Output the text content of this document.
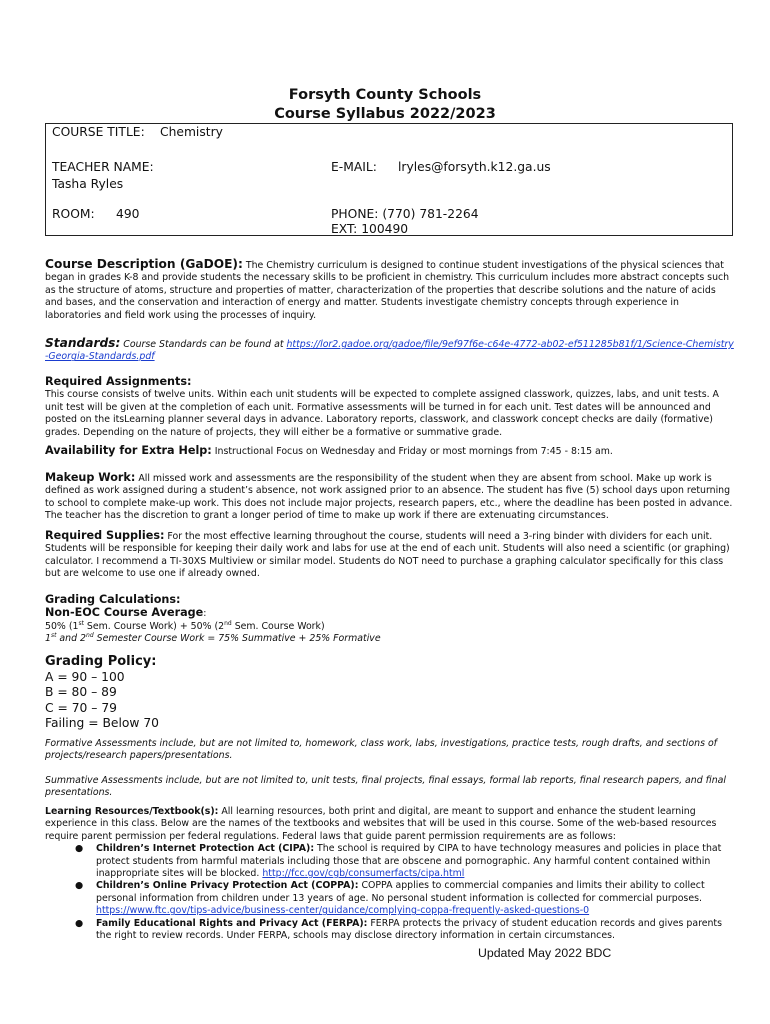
Forsyth County Schools
Course Syllabus 2022/2023
COURSE TITLE: Chemistry
TEACHER NAME:
Tasha Ryles
E-MAIL: lryles@forsyth.k12.ga.us
ROOM: 490	PHONE: (770) 781-2264
EXT: 100490
Course Description (GaDOE): The Chemistry curriculum is designed to continue student investigations of the physical sciences that began in grades K-8 and provide students the necessary skills to be proficient in chemistry. This curriculum includes more abstract concepts such as the structure of atoms, structure and properties of matter, characterization of the properties that describe solutions and the nature of acids and bases, and the conservation and interaction of energy and matter. Students investigate chemistry concepts through experience in laboratories and field work using the processes of inquiry.
Standards: Course Standards can be found at https://lor2.gadoe.org/gadoe/file/9ef97f6e-c64e-4772-ab02-ef511285b81f/1/Science-Chemistry-Georgia-Standards.pdf
Required Assignments:
This course consists of twelve units. Within each unit students will be expected to complete assigned classwork, quizzes, labs, and unit tests. A unit test will be given at the completion of each unit. Formative assessments will be turned in for each unit. Test dates will be announced and posted on the itsLearning planner several days in advance. Laboratory reports, classwork, and classwork concept checks are daily (formative) grades. Depending on the nature of projects, they will either be a formative or summative grade.
Availability for Extra Help: Instructional Focus on Wednesday and Friday or most mornings from 7:45 - 8:15 am.
Makeup Work: All missed work and assessments are the responsibility of the student when they are absent from school. Make up work is defined as work assigned during a student’s absence, not work assigned prior to an absence. The student has five (5) school days upon returning to school to complete make-up work. This does not include major projects, research papers, etc., where the deadline has been posted in advance. The teacher has the discretion to grant a longer period of time to make up work if there are extenuating circumstances.
Required Supplies: For the most effective learning throughout the course, students will need a 3-ring binder with dividers for each unit. Students will be responsible for keeping their daily work and labs for use at the end of each unit. Students will also need a scientific (or graphing) calculator. I recommend a TI-30XS Multiview or similar model. Students do NOT need to purchase a graphing calculator specifically for this class but are welcome to use one if already owned.
Grading Calculations:
Non-EOC Course Average:
50% (1st Sem. Course Work) + 50% (2nd Sem. Course Work)
1st and 2nd Semester Course Work = 75% Summative + 25% Formative
Grading Policy:
A = 90 – 100
B = 80 – 89
C = 70 – 79
Failing = Below 70
Formative Assessments include, but are not limited to, homework, class work, labs, investigations, practice tests, rough drafts, and sections of projects/research papers/presentations.
Summative Assessments include, but are not limited to, unit tests, final projects, final essays, formal lab reports, final research papers, and final presentations.
Learning Resources/Textbook(s): All learning resources, both print and digital, are meant to support and enhance the student learning experience in this class. Below are the names of the textbooks and websites that will be used in this course. Some of the web-based resources require parent permission per federal regulations. Federal laws that guide parent permission requirements are as follows:
● Children’s Internet Protection Act (CIPA): The school is required by CIPA to have technology measures and policies in place that protect students from harmful materials including those that are obscene and pornographic. Any harmful content contained within inappropriate sites will be blocked. http://fcc.gov/cgb/consumerfacts/cipa.html
● Children’s Online Privacy Protection Act (COPPA): COPPA applies to commercial companies and limits their ability to collect personal information from children under 13 years of age. No personal student information is collected for commercial purposes. https://www.ftc.gov/tips-advice/business-center/guidance/complying-coppa-frequently-asked-questions-0
● Family Educational Rights and Privacy Act (FERPA): FERPA protects the privacy of student education records and gives parents the right to review records. Under FERPA, schools may disclose directory information in certain circumstances.
Updated May 2022 BDC
